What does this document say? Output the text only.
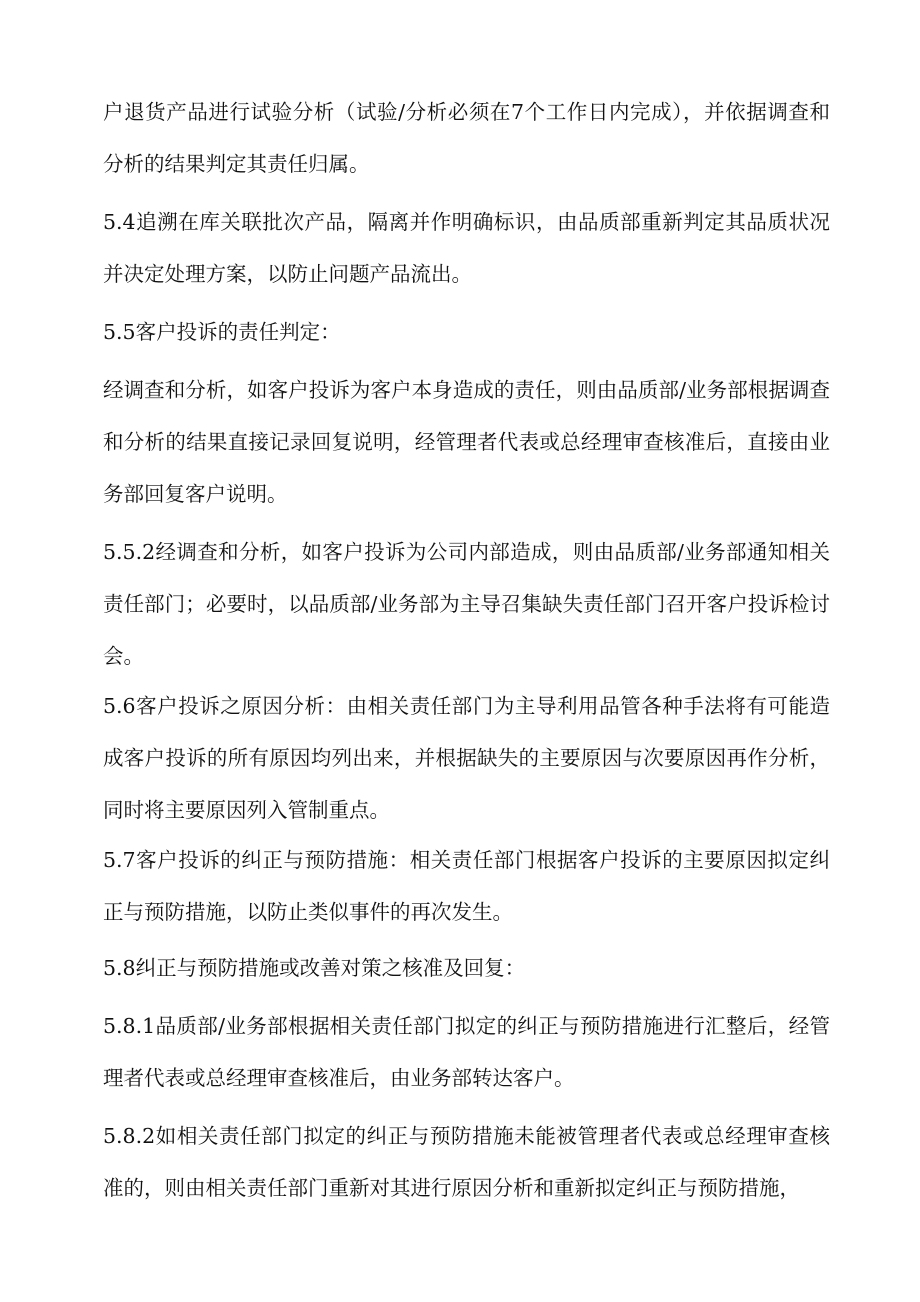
户退货产品进行试验分析（试验/分析必须在7个工作日内完成），并依据调查和分析的结果判定其责任归属。

5.4追溯在库关联批次产品，隔离并作明确标识，由品质部重新判定其品质状况并决定处理方案，以防止问题产品流出。

5.5客户投诉的责任判定：

经调查和分析，如客户投诉为客户本身造成的责任，则由品质部/业务部根据调查和分析的结果直接记录回复说明，经管理者代表或总经理审查核准后，直接由业务部回复客户说明。

5.5.2经调查和分析，如客户投诉为公司内部造成，则由品质部/业务部通知相关责任部门；必要时，以品质部/业务部为主导召集缺失责任部门召开客户投诉检讨会。

5.6客户投诉之原因分析：由相关责任部门为主导利用品管各种手法将有可能造成客户投诉的所有原因均列出来，并根据缺失的主要原因与次要原因再作分析，同时将主要原因列入管制重点。

5.7客户投诉的纠正与预防措施：相关责任部门根据客户投诉的主要原因拟定纠正与预防措施，以防止类似事件的再次发生。

5.8纠正与预防措施或改善对策之核准及回复：

5.8.1品质部/业务部根据相关责任部门拟定的纠正与预防措施进行汇整后，经管理者代表或总经理审查核准后，由业务部转达客户。

5.8.2如相关责任部门拟定的纠正与预防措施未能被管理者代表或总经理审查核准的，则由相关责任部门重新对其进行原因分析和重新拟定纠正与预防措施，
